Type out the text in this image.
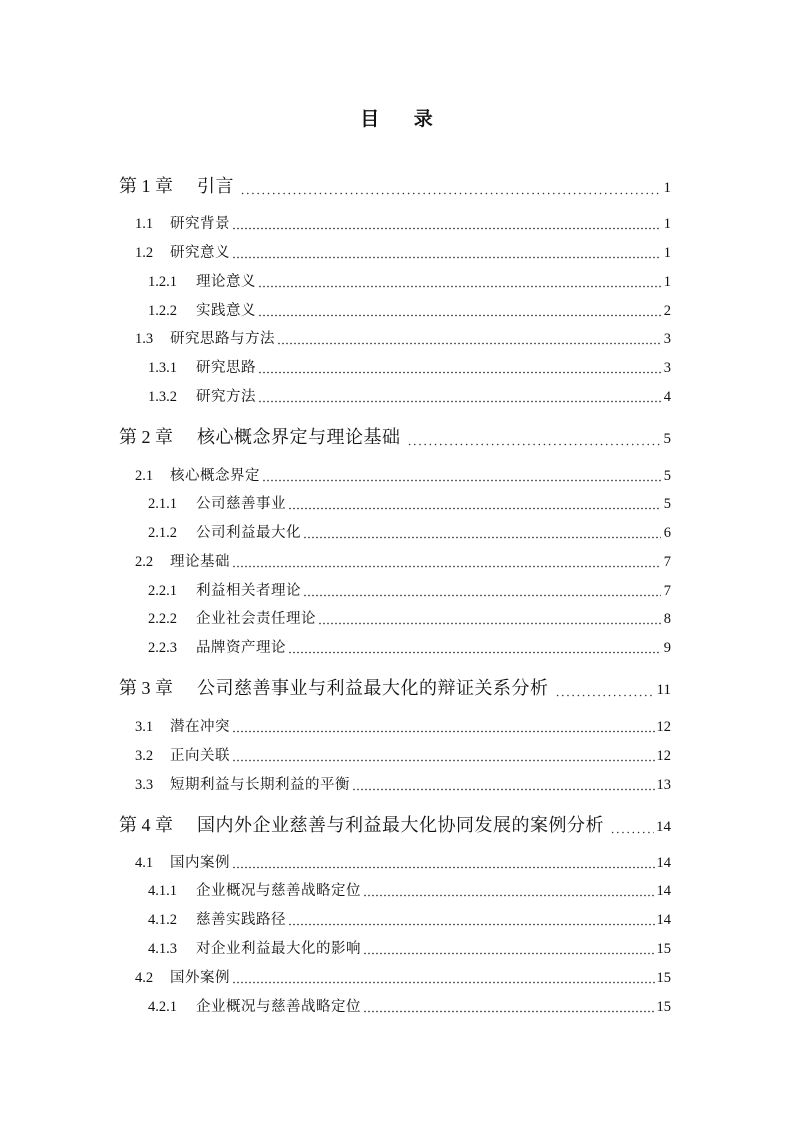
目 录
第 1 章	引言	1
1.1	研究背景	1
1.2	研究意义	1
1.2.1	理论意义	1
1.2.2	实践意义	2
1.3	研究思路与方法	3
1.3.1	研究思路	3
1.3.2	研究方法	4
第 2 章	核心概念界定与理论基础	5
2.1	核心概念界定	5
2.1.1	公司慈善事业	5
2.1.2	公司利益最大化	6
2.2	理论基础	7
2.2.1	利益相关者理论	7
2.2.2	企业社会责任理论	8
2.2.3	品牌资产理论	9
第 3 章	公司慈善事业与利益最大化的辩证关系分析	11
3.1	潜在冲突	12
3.2	正向关联	12
3.3	短期利益与长期利益的平衡	13
第 4 章	国内外企业慈善与利益最大化协同发展的案例分析	14
4.1	国内案例	14
4.1.1	企业概况与慈善战略定位	14
4.1.2	慈善实践路径	14
4.1.3	对企业利益最大化的影响	15
4.2	国外案例	15
4.2.1	企业概况与慈善战略定位	15
